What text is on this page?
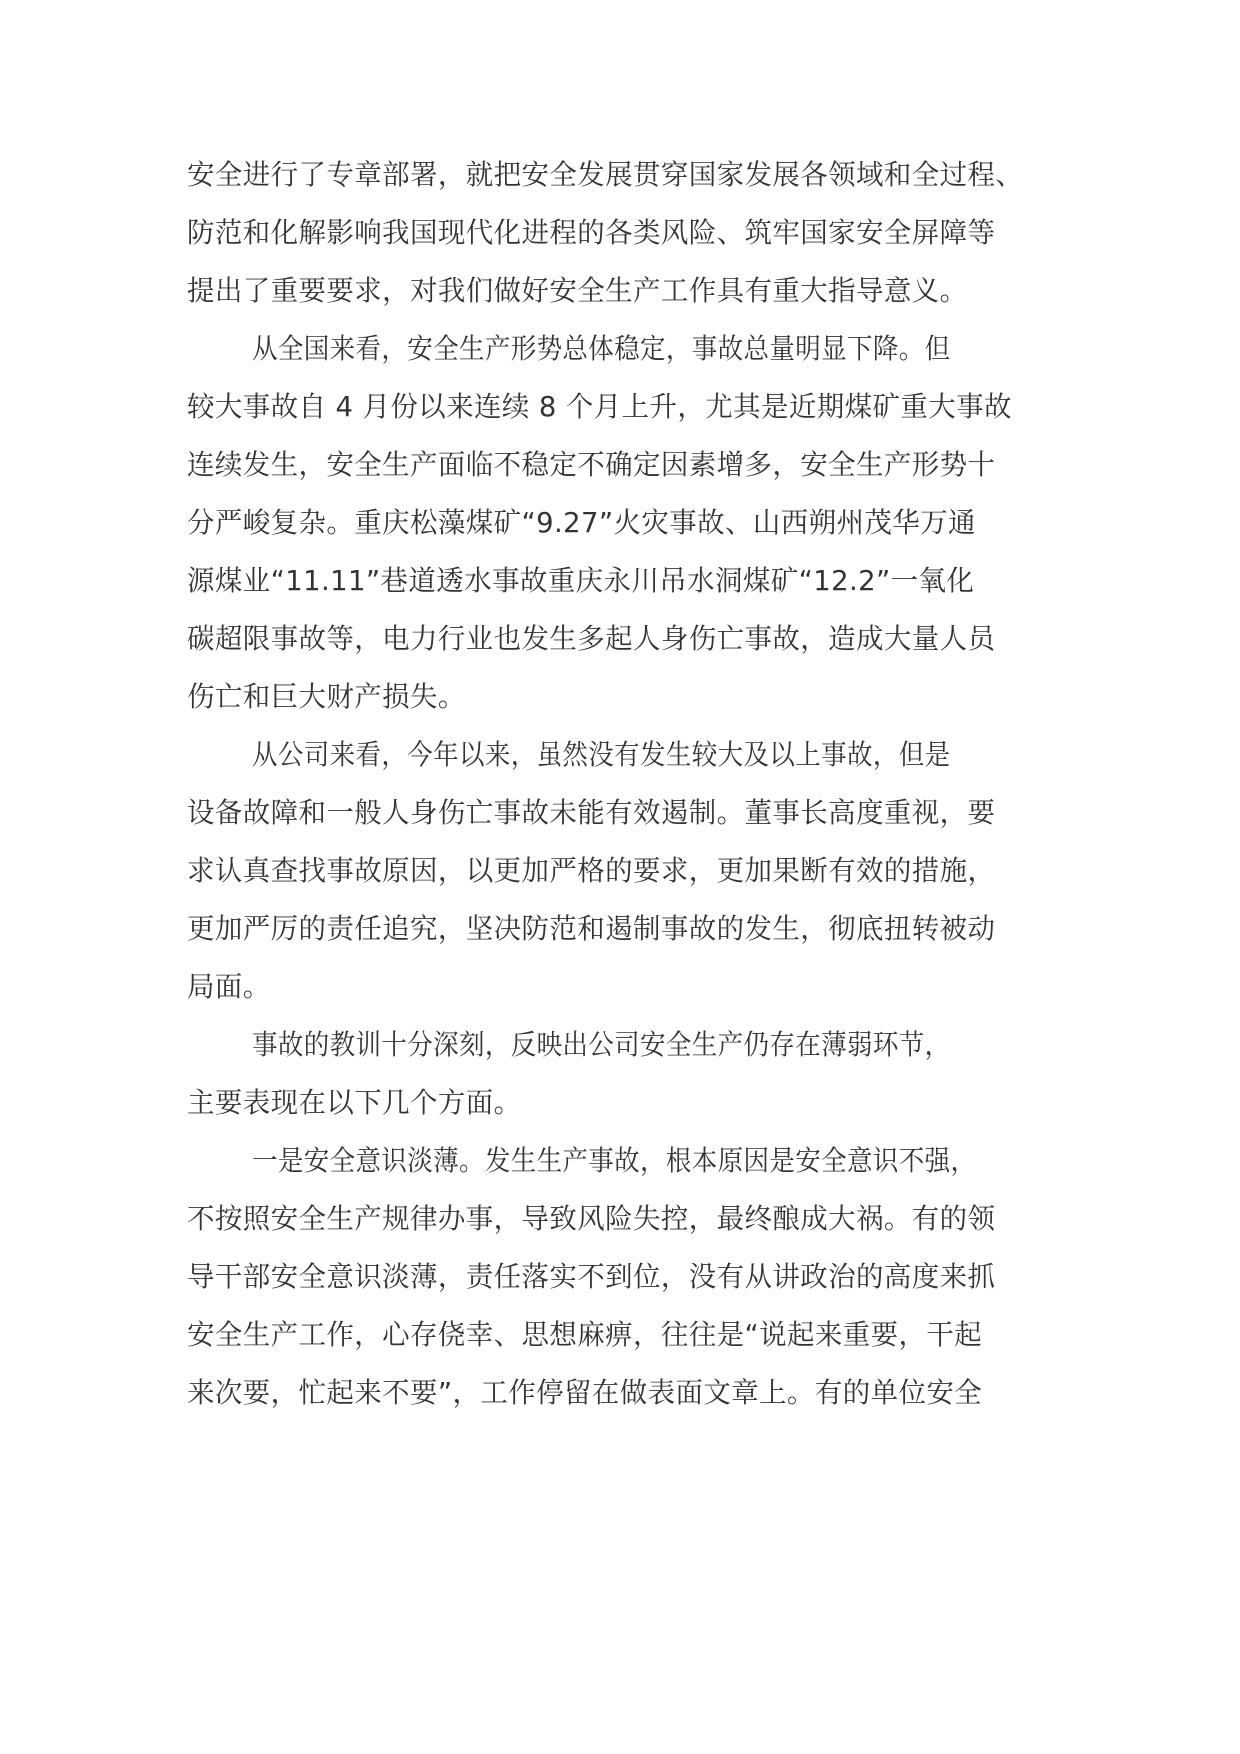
安全进行了专章部署，就把安全发展贯穿国家发展各领域和全过程、
防范和化解影响我国现代化进程的各类风险、筑牢国家安全屏障等
提出了重要要求，对我们做好安全生产工作具有重大指导意义。
从全国来看，安全生产形势总体稳定，事故总量明显下降。但
较大事故自 4 月份以来连续 8 个月上升，尤其是近期煤矿重大事故
连续发生，安全生产面临不稳定不确定因素增多，安全生产形势十
分严峻复杂。重庆松藻煤矿“9.27”火灾事故、山西朔州茂华万通
源煤业“11.11”巷道透水事故重庆永川吊水洞煤矿“12.2”一氧化
碳超限事故等，电力行业也发生多起人身伤亡事故，造成大量人员
伤亡和巨大财产损失。
从公司来看，今年以来，虽然没有发生较大及以上事故，但是
设备故障和一般人身伤亡事故未能有效遏制。董事长高度重视，要
求认真查找事故原因，以更加严格的要求，更加果断有效的措施，
更加严厉的责任追究，坚决防范和遏制事故的发生，彻底扭转被动
局面。
事故的教训十分深刻，反映出公司安全生产仍存在薄弱环节，
主要表现在以下几个方面。
一是安全意识淡薄。发生生产事故，根本原因是安全意识不强，
不按照安全生产规律办事，导致风险失控，最终酿成大祸。有的领
导干部安全意识淡薄，责任落实不到位，没有从讲政治的高度来抓
安全生产工作，心存侥幸、思想麻痹，往往是“说起来重要，干起
来次要，忙起来不要”，工作停留在做表面文章上。有的单位安全
